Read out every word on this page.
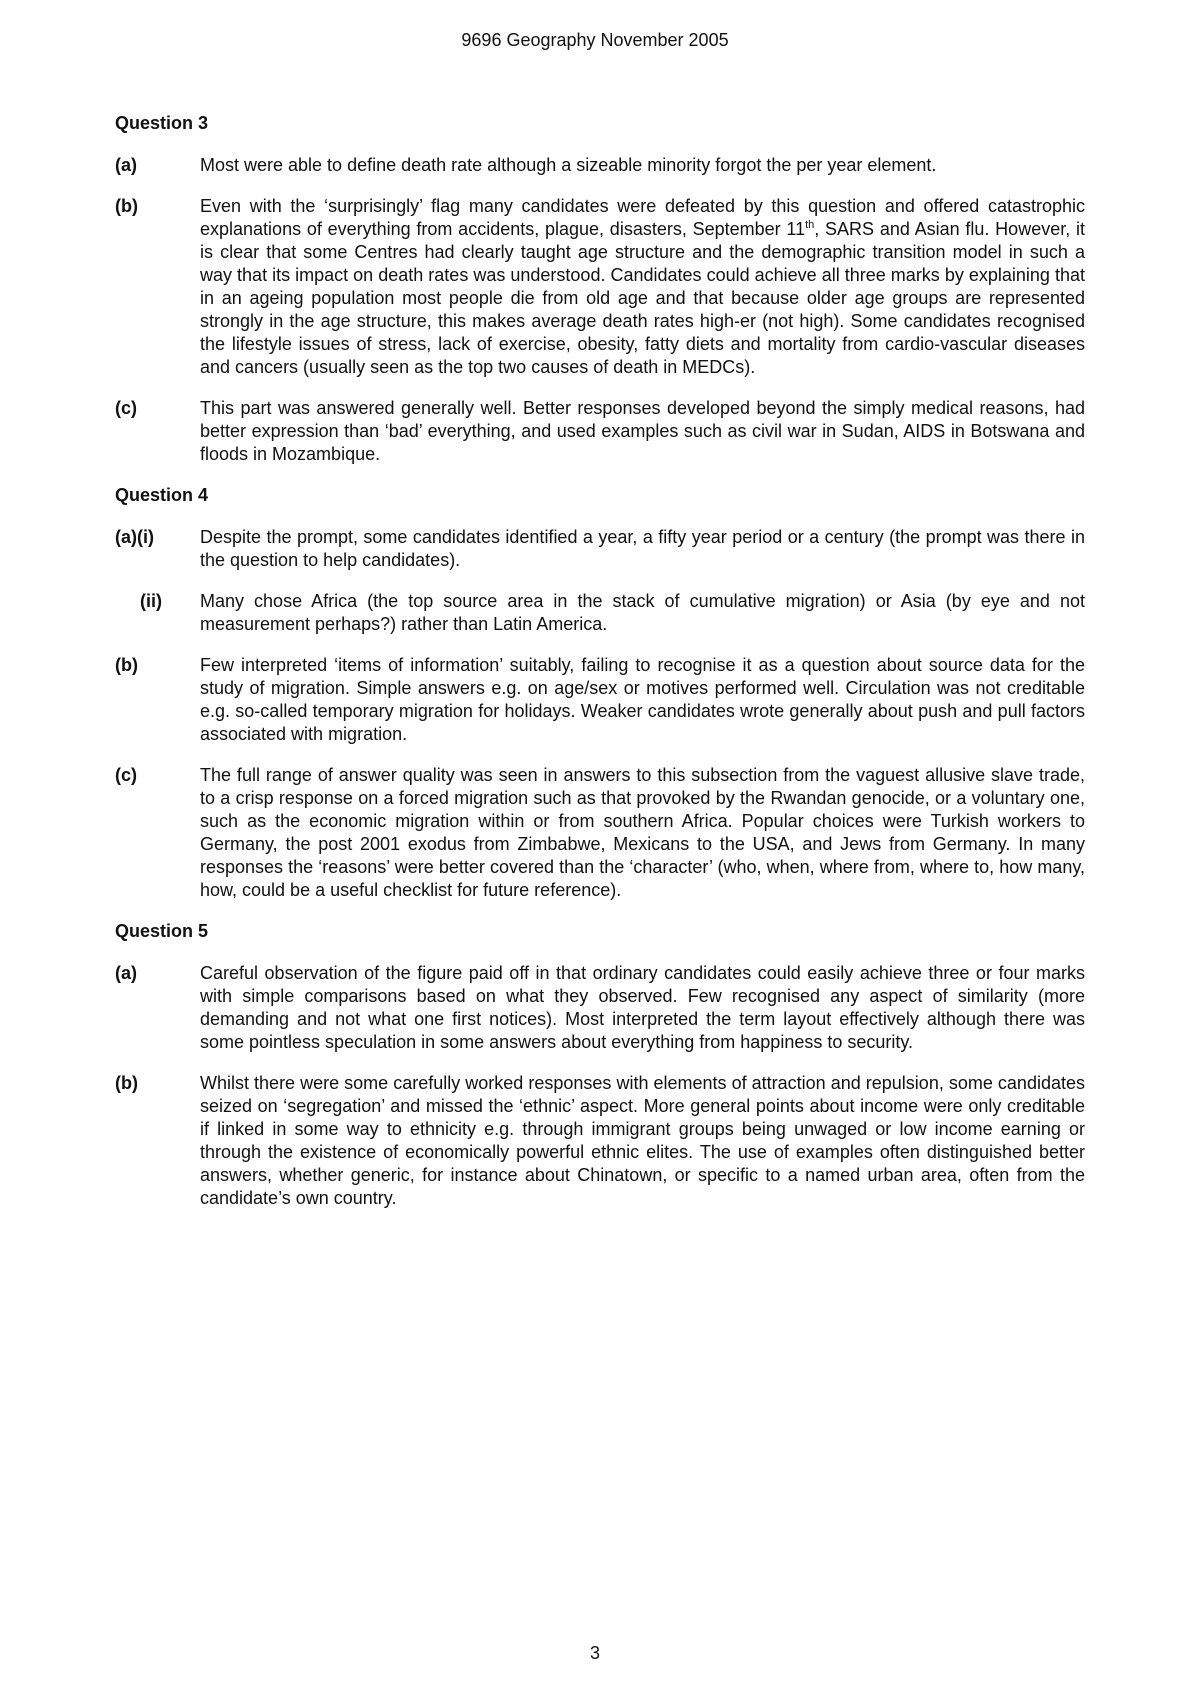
9696 Geography November 2005
Question 3
(a)	Most were able to define death rate although a sizeable minority forgot the per year element.
(b)	Even with the ‘surprisingly’ flag many candidates were defeated by this question and offered catastrophic explanations of everything from accidents, plague, disasters, September 11th, SARS and Asian flu. However, it is clear that some Centres had clearly taught age structure and the demographic transition model in such a way that its impact on death rates was understood. Candidates could achieve all three marks by explaining that in an ageing population most people die from old age and that because older age groups are represented strongly in the age structure, this makes average death rates high-er (not high). Some candidates recognised the lifestyle issues of stress, lack of exercise, obesity, fatty diets and mortality from cardio-vascular diseases and cancers (usually seen as the top two causes of death in MEDCs).
(c)	This part was answered generally well. Better responses developed beyond the simply medical reasons, had better expression than ‘bad’ everything, and used examples such as civil war in Sudan, AIDS in Botswana and floods in Mozambique.
Question 4
(a)(i)	Despite the prompt, some candidates identified a year, a fifty year period or a century (the prompt was there in the question to help candidates).
(ii)	Many chose Africa (the top source area in the stack of cumulative migration) or Asia (by eye and not measurement perhaps?) rather than Latin America.
(b)	Few interpreted ‘items of information’ suitably, failing to recognise it as a question about source data for the study of migration. Simple answers e.g. on age/sex or motives performed well. Circulation was not creditable e.g. so-called temporary migration for holidays. Weaker candidates wrote generally about push and pull factors associated with migration.
(c)	The full range of answer quality was seen in answers to this subsection from the vaguest allusive slave trade, to a crisp response on a forced migration such as that provoked by the Rwandan genocide, or a voluntary one, such as the economic migration within or from southern Africa. Popular choices were Turkish workers to Germany, the post 2001 exodus from Zimbabwe, Mexicans to the USA, and Jews from Germany. In many responses the ‘reasons’ were better covered than the ‘character’ (who, when, where from, where to, how many, how, could be a useful checklist for future reference).
Question 5
(a)	Careful observation of the figure paid off in that ordinary candidates could easily achieve three or four marks with simple comparisons based on what they observed. Few recognised any aspect of similarity (more demanding and not what one first notices). Most interpreted the term layout effectively although there was some pointless speculation in some answers about everything from happiness to security.
(b)	Whilst there were some carefully worked responses with elements of attraction and repulsion, some candidates seized on ‘segregation’ and missed the ‘ethnic’ aspect. More general points about income were only creditable if linked in some way to ethnicity e.g. through immigrant groups being unwaged or low income earning or through the existence of economically powerful ethnic elites. The use of examples often distinguished better answers, whether generic, for instance about Chinatown, or specific to a named urban area, often from the candidate’s own country.
3
